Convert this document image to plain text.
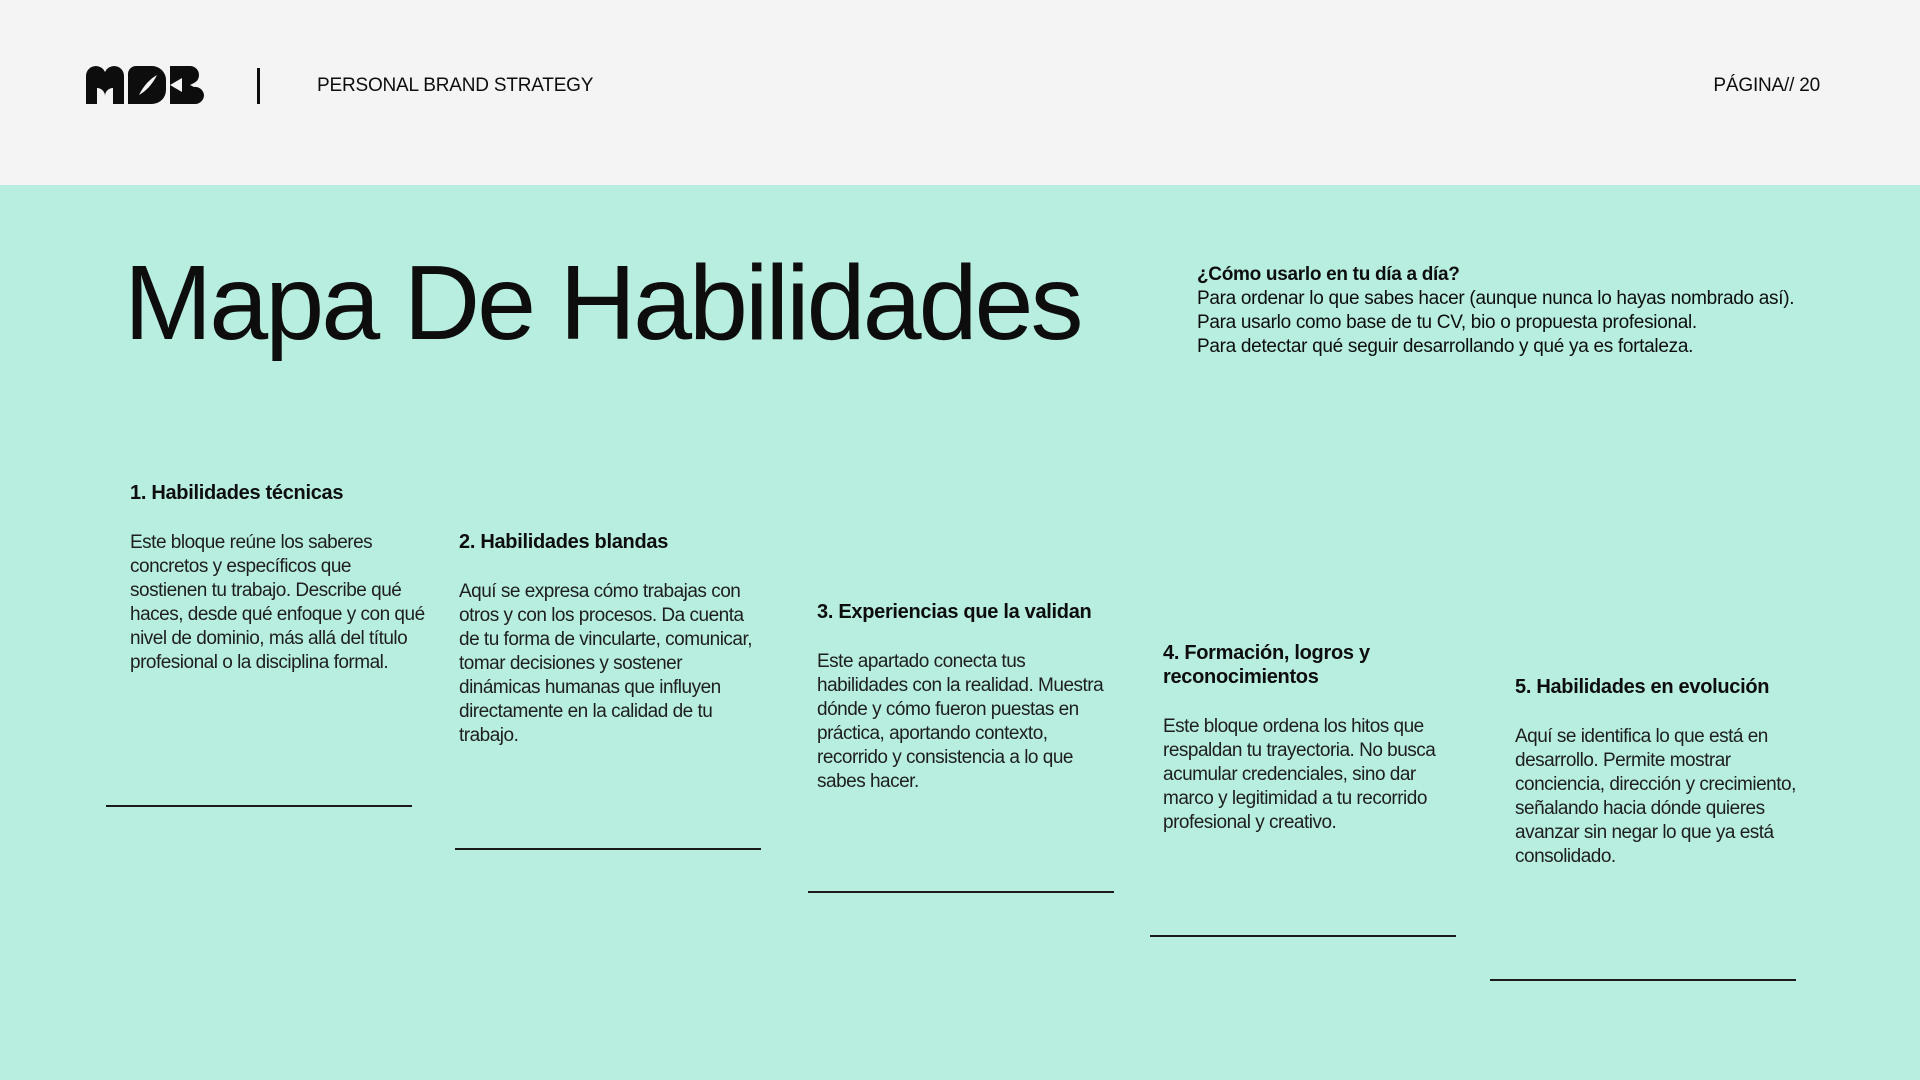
PERSONAL BRAND STRATEGY	PÁGINA// 20
Mapa De Habilidades	¿Cómo usarlo en tu día a día?
Para ordenar lo que sabes hacer (aunque nunca lo hayas nombrado así).
Para usarlo como base de tu CV, bio o propuesta profesional.
Para detectar qué seguir desarrollando y qué ya es fortaleza.
1. Habilidades técnicas

Este bloque reúne los saberes concretos y específicos que sostienen tu trabajo. Describe qué haces, desde qué enfoque y con qué nivel de dominio, más allá del título profesional o la disciplina formal.

2. Habilidades blandas

Aquí se expresa cómo trabajas con otros y con los procesos. Da cuenta de tu forma de vincularte, comunicar, tomar decisiones y sostener dinámicas humanas que influyen directamente en la calidad de tu trabajo.

3. Experiencias que la validan

Este apartado conecta tus habilidades con la realidad. Muestra dónde y cómo fueron puestas en práctica, aportando contexto, recorrido y consistencia a lo que sabes hacer.

4. Formación, logros y reconocimientos

Este bloque ordena los hitos que respaldan tu trayectoria. No busca acumular credenciales, sino dar marco y legitimidad a tu recorrido profesional y creativo.

5. Habilidades en evolución

Aquí se identifica lo que está en desarrollo. Permite mostrar conciencia, dirección y crecimiento, señalando hacia dónde quieres avanzar sin negar lo que ya está consolidado.
